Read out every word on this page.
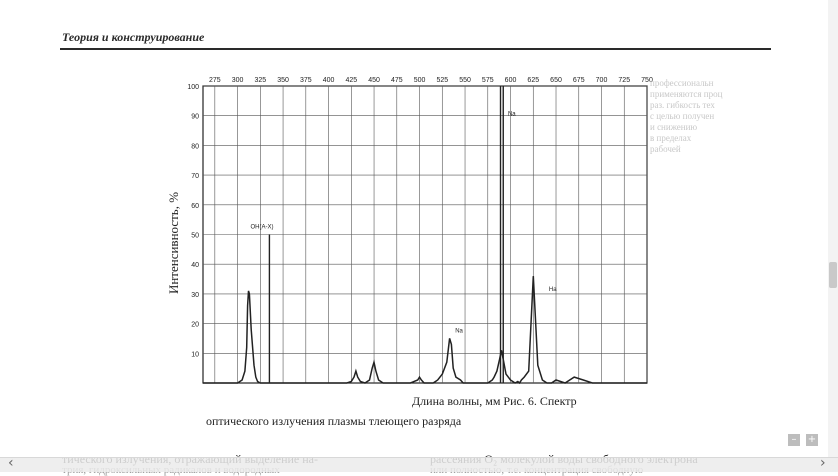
Теория и конструирование
275 300 325 350 375 400 425 450 475 500 525 550 575 600 625 650 675 700 725 750
10
20
30
40
50
60
70
80
90
100
OH(A-X)
Na
Na
Ha
Интенсивность, %
Длина волны, мм Рис. 6. Спектр
оптического излучения плазмы тлеющего разряда
профессиональн
применяются проц
раз. гибкость тех
с целью получен
и снижению
в пределах
рабочей
‹	›
–	+
